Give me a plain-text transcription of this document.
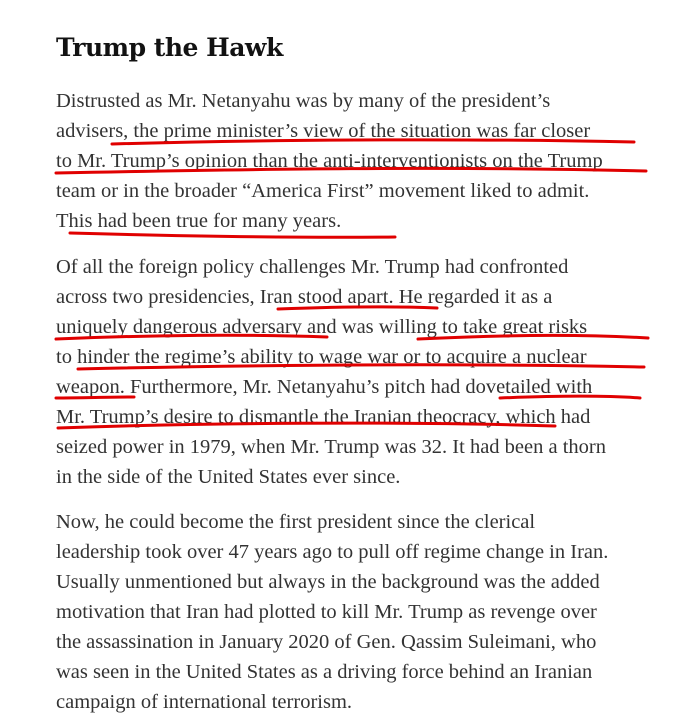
Trump the Hawk
Distrusted as Mr. Netanyahu was by many of the president’s
advisers, the prime minister’s view of the situation was far closer
to Mr. Trump’s opinion than the anti-interventionists on the Trump
team or in the broader “America First” movement liked to admit.
This had been true for many years.
Of all the foreign policy challenges Mr. Trump had confronted
across two presidencies, Iran stood apart. He regarded it as a
uniquely dangerous adversary and was willing to take great risks
to hinder the regime’s ability to wage war or to acquire a nuclear
weapon. Furthermore, Mr. Netanyahu’s pitch had dovetailed with
Mr. Trump’s desire to dismantle the Iranian theocracy, which had
seized power in 1979, when Mr. Trump was 32. It had been a thorn
in the side of the United States ever since.
Now, he could become the first president since the clerical
leadership took over 47 years ago to pull off regime change in Iran.
Usually unmentioned but always in the background was the added
motivation that Iran had plotted to kill Mr. Trump as revenge over
the assassination in January 2020 of Gen. Qassim Suleimani, who
was seen in the United States as a driving force behind an Iranian
campaign of international terrorism.
